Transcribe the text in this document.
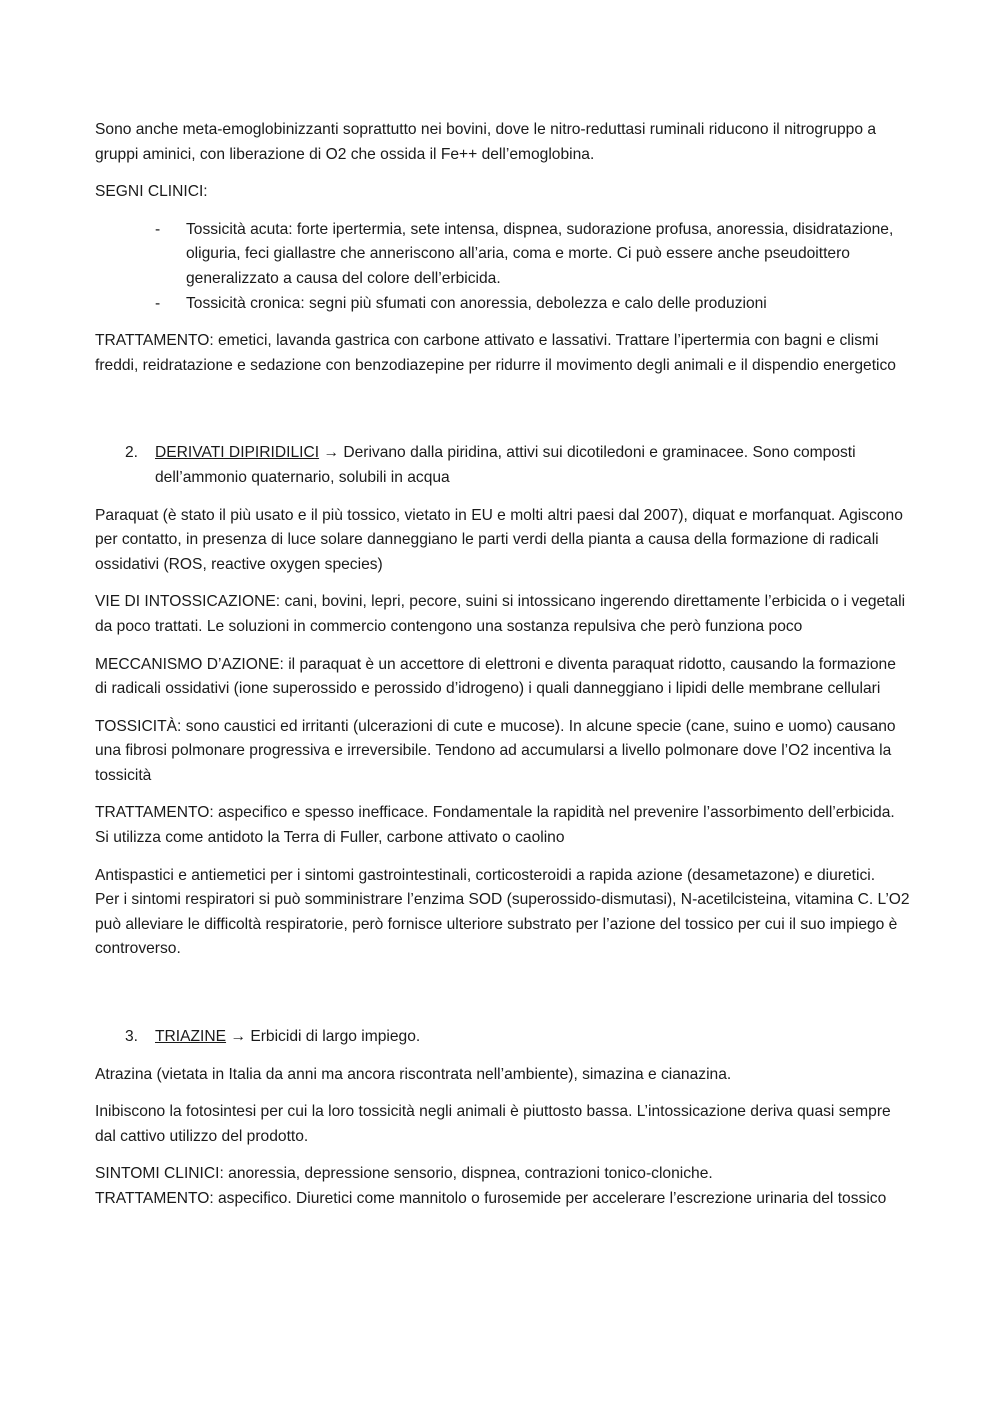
Sono anche meta-emoglobinizzanti soprattutto nei bovini, dove le nitro-reduttasi ruminali riducono il nitrogruppo a gruppi aminici, con liberazione di O2 che ossida il Fe++ dell’emoglobina.

SEGNI CLINICI:

- Tossicità acuta: forte ipertermia, sete intensa, dispnea, sudorazione profusa, anoressia, disidratazione, oliguria, feci giallastre che anneriscono all’aria, coma e morte. Ci può essere anche pseudoittero generalizzato a causa del colore dell’erbicida.
- Tossicità cronica: segni più sfumati con anoressia, debolezza e calo delle produzioni

TRATTAMENTO: emetici, lavanda gastrica con carbone attivato e lassativi. Trattare l’ipertermia con bagni e clismi freddi, reidratazione e sedazione con benzodiazepine per ridurre il movimento degli animali e il dispendio energetico

2.	DERIVATI DIPIRIDILICI → Derivano dalla piridina, attivi sui dicotiledoni e graminacee. Sono composti dell’ammonio quaternario, solubili in acqua

Paraquat (è stato il più usato e il più tossico, vietato in EU e molti altri paesi dal 2007), diquat e morfanquat. Agiscono per contatto, in presenza di luce solare danneggiano le parti verdi della pianta a causa della formazione di radicali ossidativi (ROS, reactive oxygen species)

VIE DI INTOSSICAZIONE: cani, bovini, lepri, pecore, suini si intossicano ingerendo direttamente l’erbicida o i vegetali da poco trattati. Le soluzioni in commercio contengono una sostanza repulsiva che però funziona poco

MECCANISMO D’AZIONE: il paraquat è un accettore di elettroni e diventa paraquat ridotto, causando la formazione di radicali ossidativi (ione superossido e perossido d’idrogeno) i quali danneggiano i lipidi delle membrane cellulari

TOSSICITÀ: sono caustici ed irritanti (ulcerazioni di cute e mucose). In alcune specie (cane, suino e uomo) causano una fibrosi polmonare progressiva e irreversibile. Tendono ad accumularsi a livello polmonare dove l’O2 incentiva la tossicità

TRATTAMENTO: aspecifico e spesso inefficace. Fondamentale la rapidità nel prevenire l’assorbimento dell’erbicida. Si utilizza come antidoto la Terra di Fuller, carbone attivato o caolino

Antispastici e antiemetici per i sintomi gastrointestinali, corticosteroidi a rapida azione (desametazone) e diuretici.
Per i sintomi respiratori si può somministrare l’enzima SOD (superossido-dismutasi), N-acetilcisteina, vitamina C. L’O2 può alleviare le difficoltà respiratorie, però fornisce ulteriore substrato per l’azione del tossico per cui il suo impiego è controverso.

3.	TRIAZINE → Erbicidi di largo impiego.

Atrazina (vietata in Italia da anni ma ancora riscontrata nell’ambiente), simazina e cianazina.

Inibiscono la fotosintesi per cui la loro tossicità negli animali è piuttosto bassa. L’intossicazione deriva quasi sempre dal cattivo utilizzo del prodotto.

SINTOMI CLINICI: anoressia, depressione sensorio, dispnea, contrazioni tonico-cloniche.
TRATTAMENTO: aspecifico. Diuretici come mannitolo o furosemide per accelerare l’escrezione urinaria del tossico
